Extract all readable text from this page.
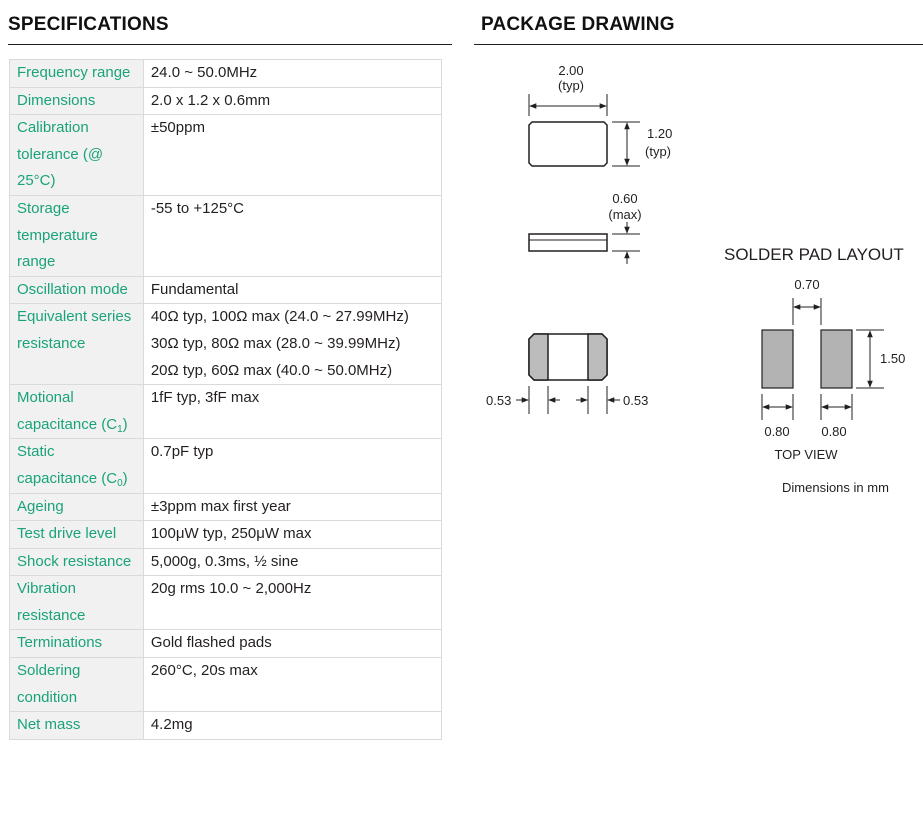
SPECIFICATIONS	PACKAGE DRAWING
Frequency range	24.0 ~ 50.0MHz

Dimensions	2.0 x 1.2 x 0.6mm

Calibration tolerance (@ 25°C)	±50ppm

Storage temperature range	-55 to +125°C

Oscillation mode	Fundamental

Equivalent series resistance	40Ω typ, 100Ω max (24.0 ~ 27.99MHz)
30Ω typ, 80Ω max (28.0 ~ 39.99MHz)
20Ω typ, 60Ω max (40.0 ~ 50.0MHz)

Motional capacitance $(C_1)$	1fF typ, 3fF max

Static capacitance $(C_0)$	0.7pF typ

Ageing	±3ppm max first year

Test drive level	100μW typ, 250μW max

Shock resistance	5,000g, 0.3ms, ½ sine

Vibration resistance	20g rms 10.0 ~ 2,000Hz

Terminations	Gold flashed pads

Soldering condition	260°C, 20s max

Net mass	4.2mg
2.00
(typ)
1.20
(typ)
0.60
(max)
0.53	0.53
SOLDER PAD LAYOUT
0.70
1.50
0.80 0.80
TOP VIEW
Dimensions in mm
